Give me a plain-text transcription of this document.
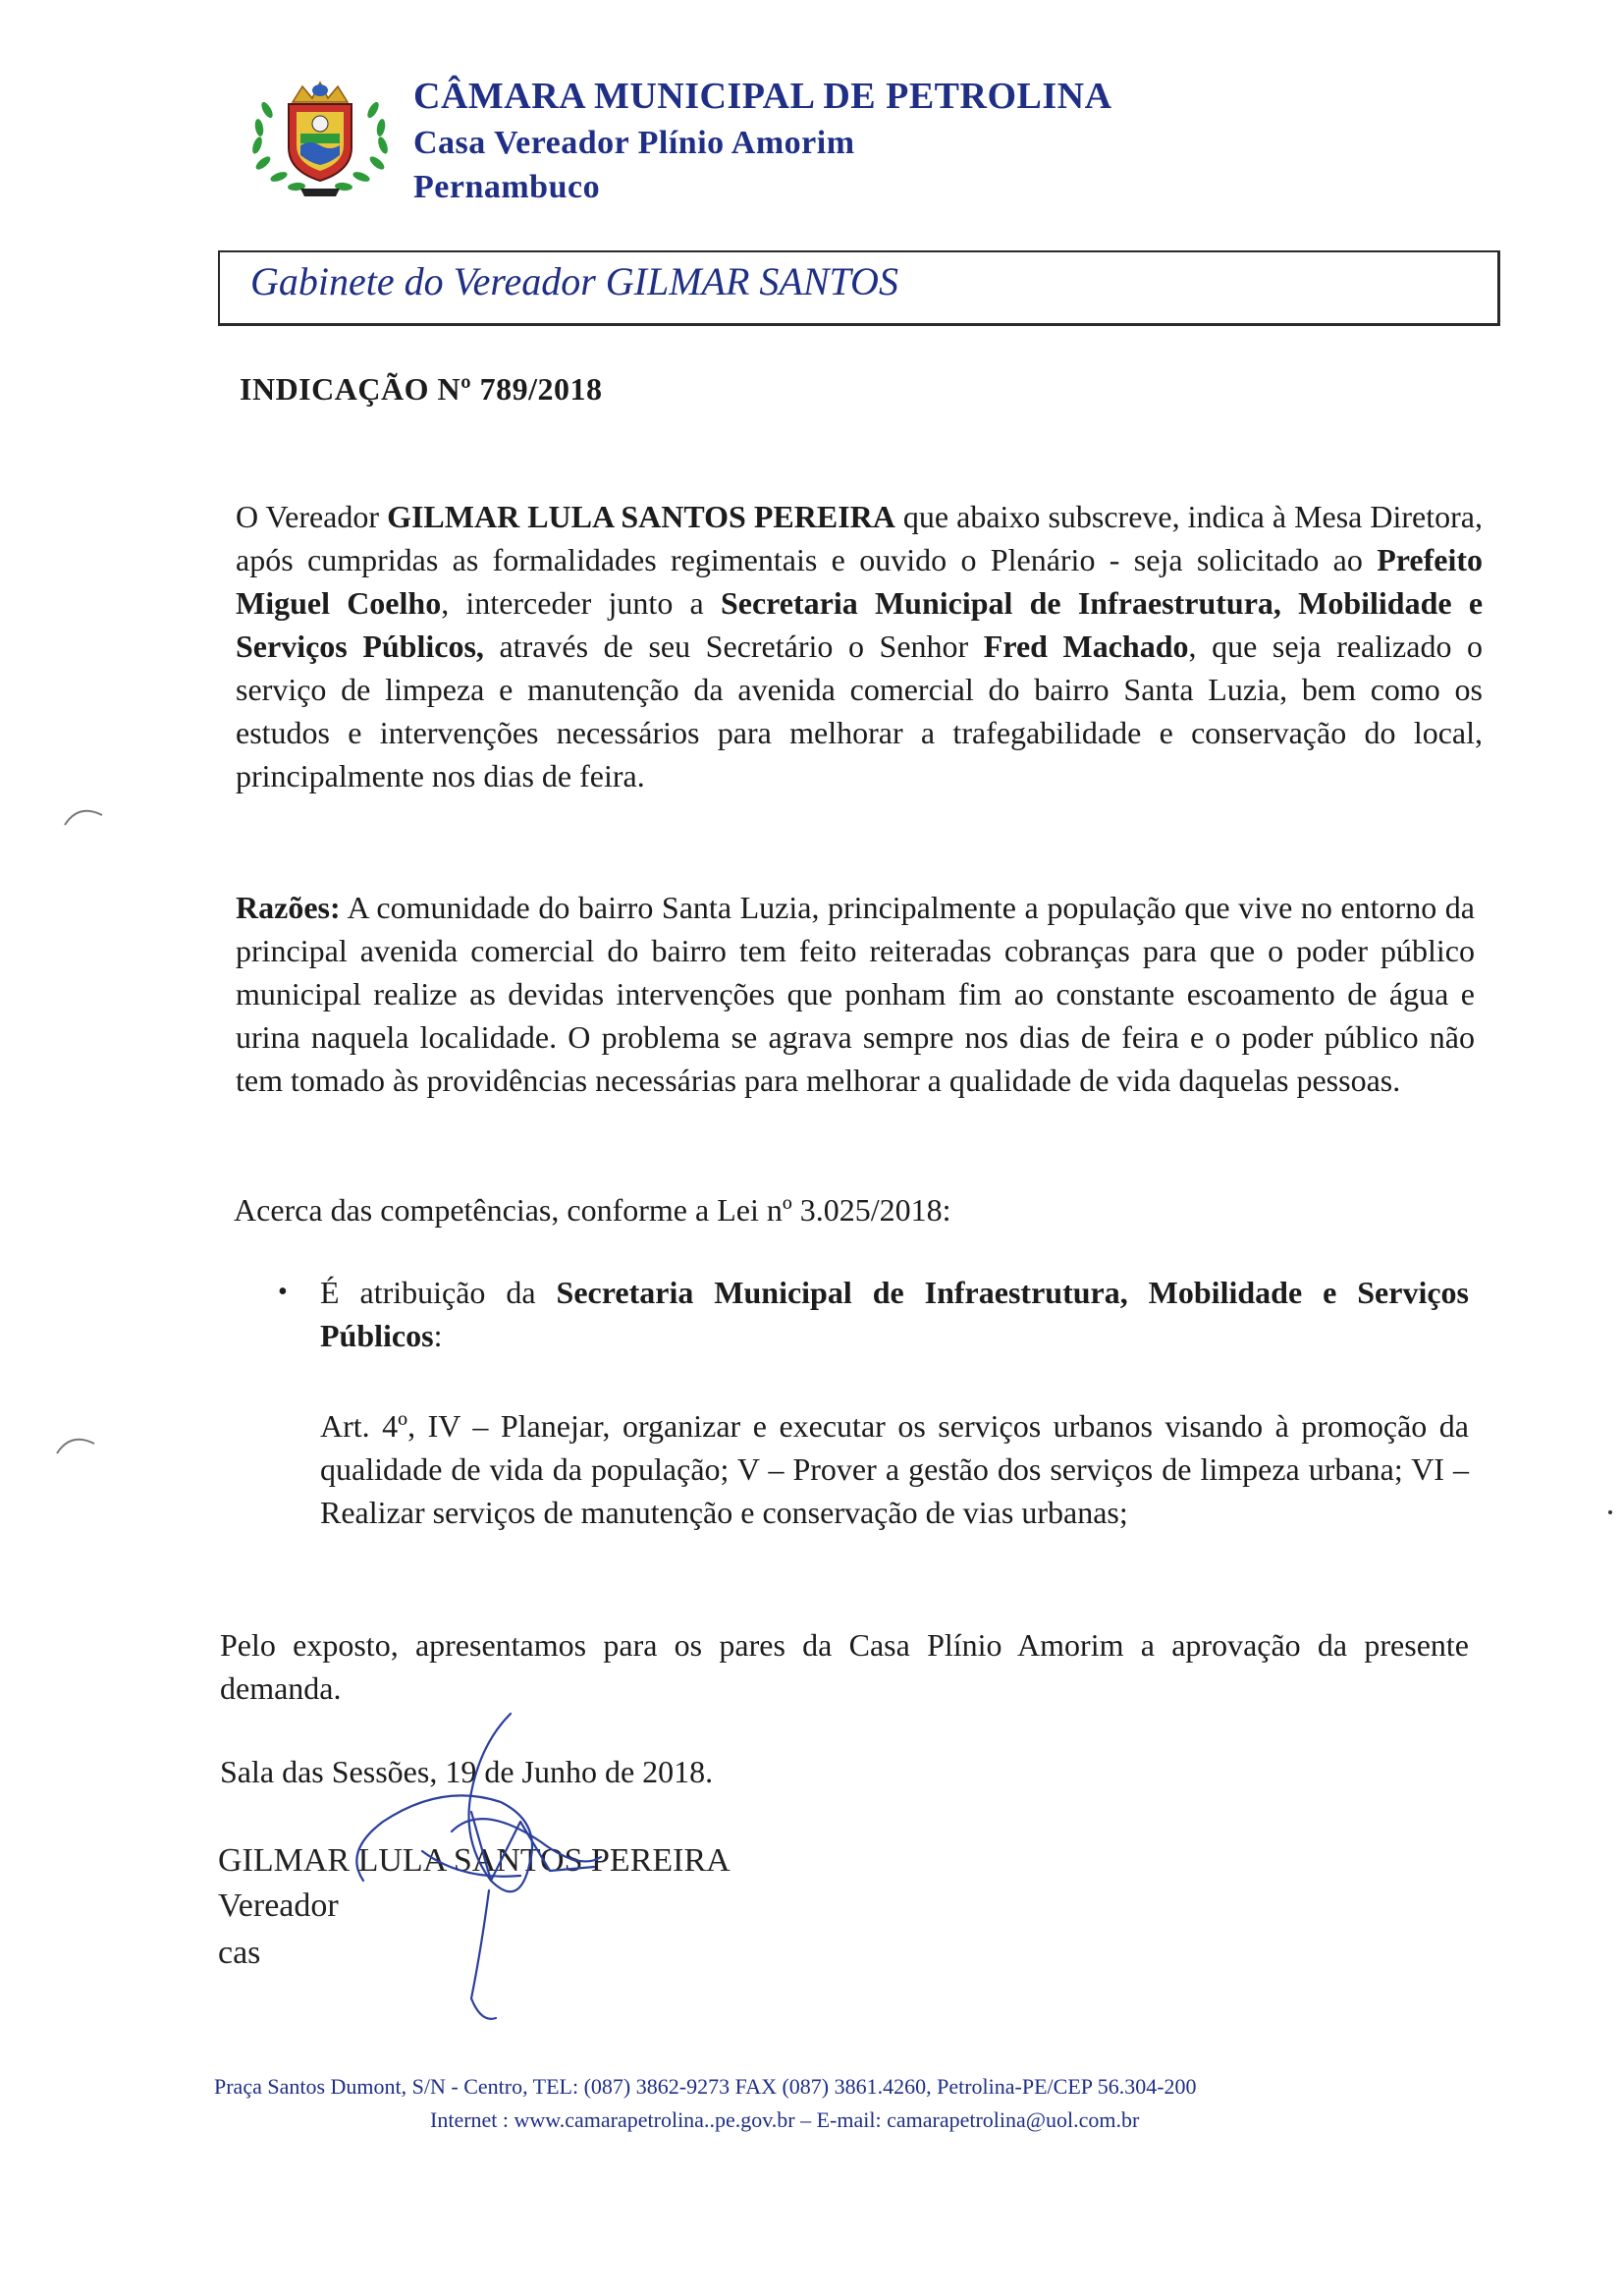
CÂMARA MUNICIPAL DE PETROLINA
Casa Vereador Plínio Amorim
Pernambuco
Gabinete do Vereador GILMAR SANTOS
INDICAÇÃO Nº 789/2018
O Vereador GILMAR LULA SANTOS PEREIRA que abaixo subscreve, indica à Mesa Diretora, após cumpridas as formalidades regimentais e ouvido o Plenário - seja solicitado ao Prefeito Miguel Coelho, interceder junto a Secretaria Municipal de Infraestrutura, Mobilidade e Serviços Públicos, através de seu Secretário o Senhor Fred Machado, que seja realizado o serviço de limpeza e manutenção da avenida comercial do bairro Santa Luzia, bem como os estudos e intervenções necessários para melhorar a trafegabilidade e conservação do local, principalmente nos dias de feira.
Razões: A comunidade do bairro Santa Luzia, principalmente a população que vive no entorno da principal avenida comercial do bairro tem feito reiteradas cobranças para que o poder público municipal realize as devidas intervenções que ponham fim ao constante escoamento de água e urina naquela localidade. O problema se agrava sempre nos dias de feira e o poder público não tem tomado às providências necessárias para melhorar a qualidade de vida daquelas pessoas.
Acerca das competências, conforme a Lei nº 3.025/2018:
• É atribuição da Secretaria Municipal de Infraestrutura, Mobilidade e Serviços Públicos:
Art. 4º, IV – Planejar, organizar e executar os serviços urbanos visando à promoção da qualidade de vida da população; V – Prover a gestão dos serviços de limpeza urbana; VI – Realizar serviços de manutenção e conservação de vias urbanas;
Pelo exposto, apresentamos para os pares da Casa Plínio Amorim a aprovação da presente demanda.
Sala das Sessões, 19 de Junho de 2018.
GILMAR LULA SANTOS PEREIRA
Vereador
cas
Praça Santos Dumont, S/N - Centro, TEL: (087) 3862-9273 FAX (087) 3861.4260, Petrolina-PE/CEP 56.304-200
Internet : www.camarapetrolina..pe.gov.br – E-mail: camarapetrolina@uol.com.br
